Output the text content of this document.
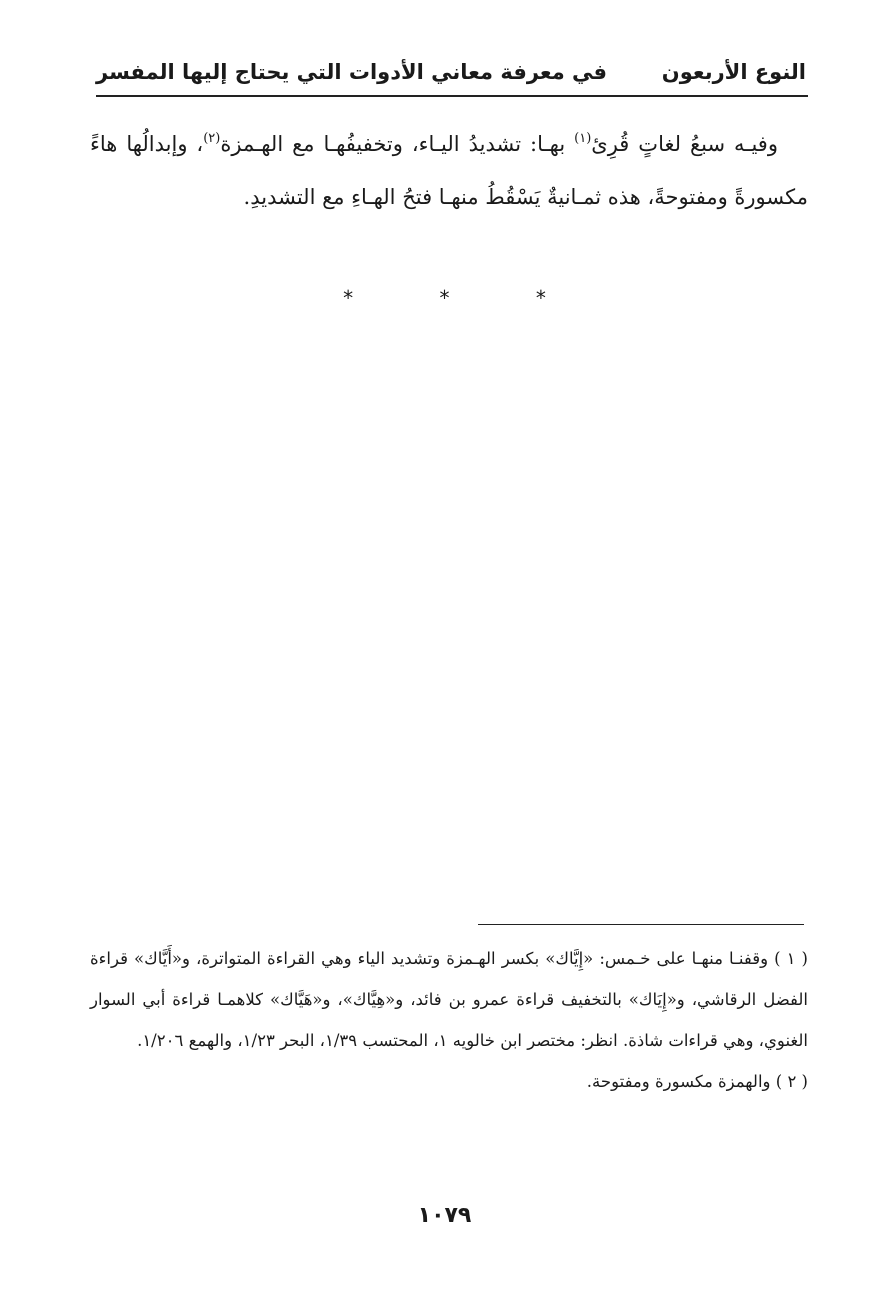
النوع الأربعون
في معرفة معاني الأدوات التي يحتاج إليها المفسر

وفيـه سبعُ لغاتٍ قُرِئ$^{(١)}$ بهـا: تشديدُ اليـاء، وتخفيفُهـا مع الهـمزة$^{(٢)}$، وإبدالُها هاءً مكسورةً ومفتوحةً، هذه ثمـانيةٌ يَسْقُطُ منهـا فتحُ الهـاءِ مع التشديدِ.

* * *

( ١ ) وقفنـا منهـا على خـمس: «إِيَّاك» بكسر الهـمزة وتشديد الياء وهي القراءة المتواترة، و«أَيَّاك» قراءة الفضل الرقاشي، و«إِيَاك» بالتخفيف قراءة عمرو بن فائد، و«هِيَّاك»، و«هَيَّاك» كلاهمـا قراءة أبي السوار الغنوي، وهي قراءات شاذة. انظر: مختصر ابن خالويه ١، المحتسب ١/٣٩، البحر ١/٢٣، والهمع ١/٢٠٦.

( ٢ ) والهمزة مكسورة ومفتوحة.

١٠٧٩
